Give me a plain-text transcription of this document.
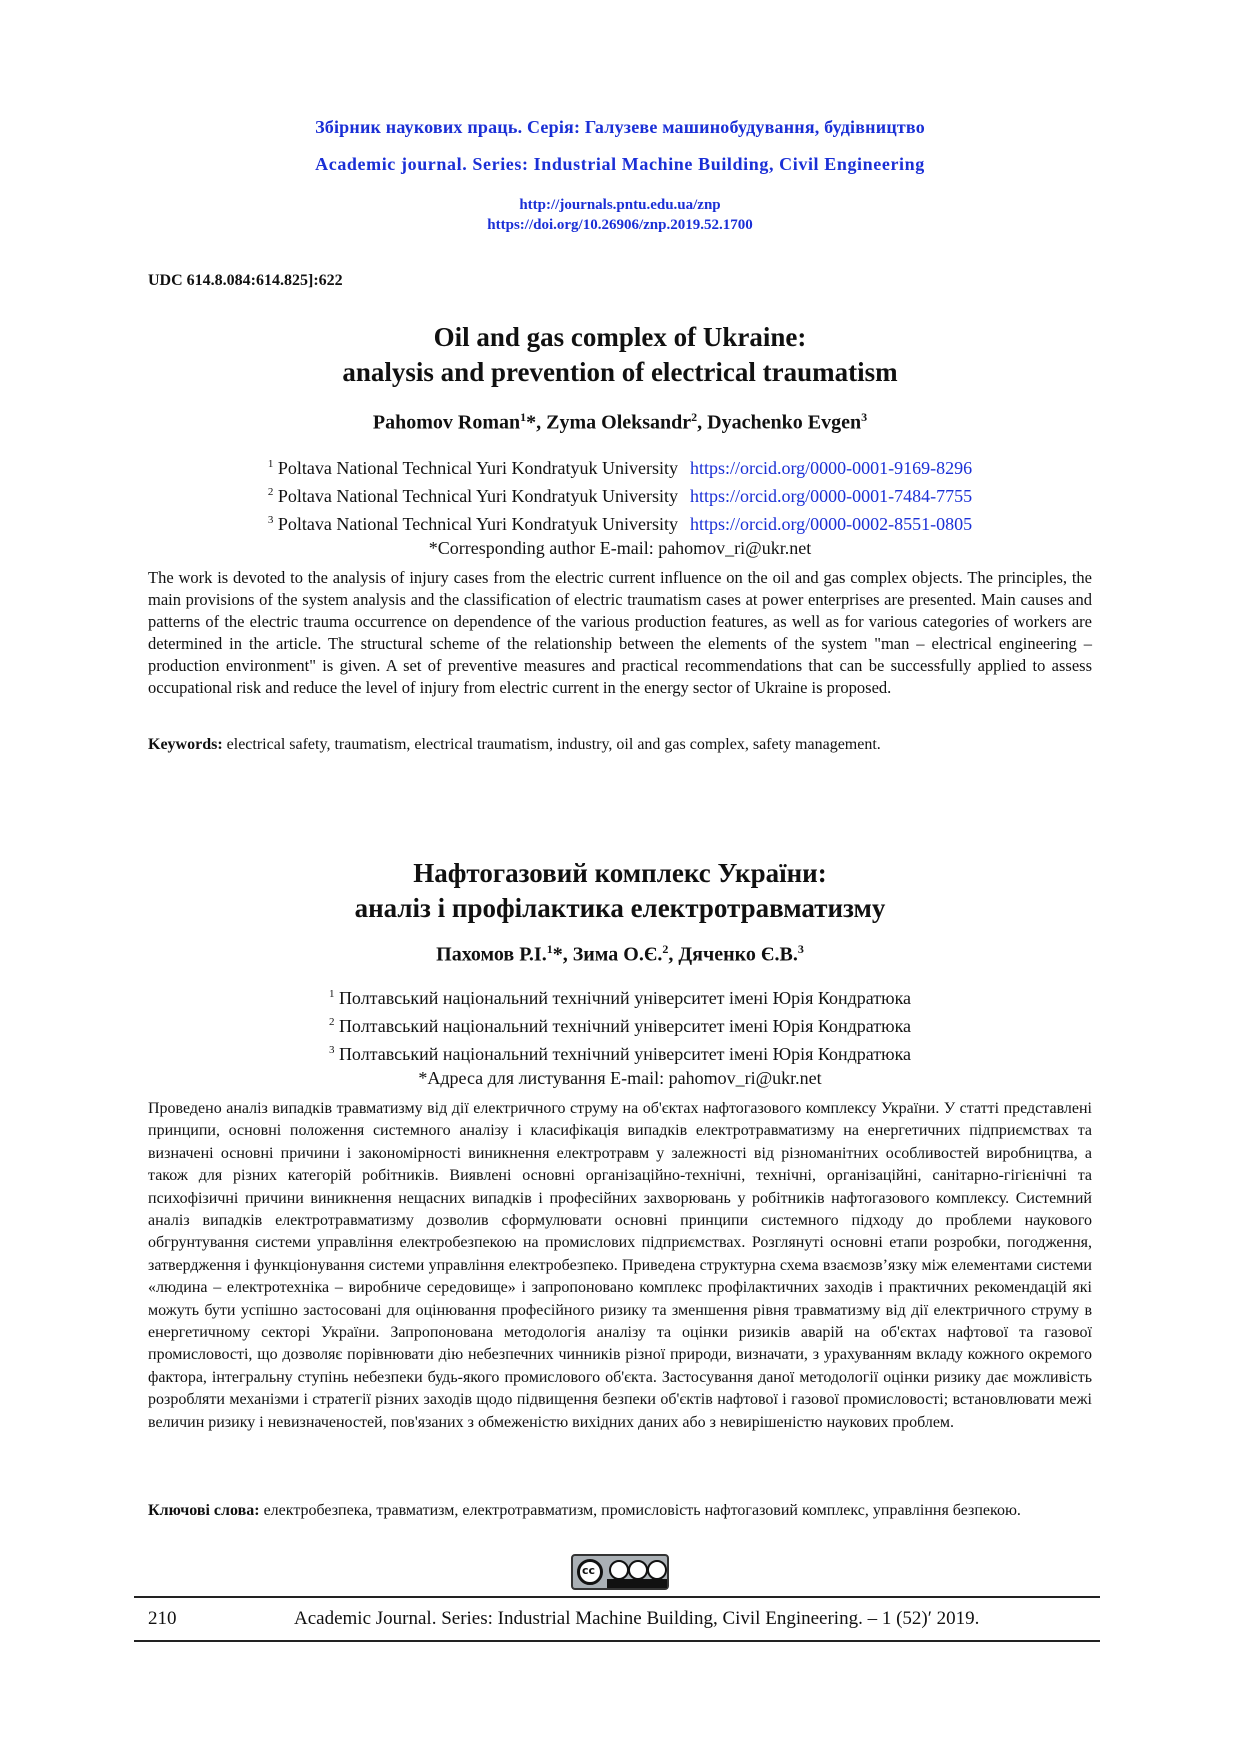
Збірник наукових праць. Серія: Галузеве машинобудування, будівництво
Academic journal. Series: Industrial Machine Building, Civil Engineering
http://journals.pntu.edu.ua/znp
https://doi.org/10.26906/znp.2019.52.1700
UDC 614.8.084:614.825]:622
Oil and gas complex of Ukraine:
analysis and prevention of electrical traumatism
Pahomov Roman$^1$*, Zyma Oleksandr$^2$, Dyachenko Evgen$^3$
$^1$ Poltava National Technical Yuri Kondratyuk University https://orcid.org/0000-0001-9169-8296
$^2$ Poltava National Technical Yuri Kondratyuk University https://orcid.org/0000-0001-7484-7755
$^3$ Poltava National Technical Yuri Kondratyuk University https://orcid.org/0000-0002-8551-0805
*Corresponding author E-mail: pahomov_ri@ukr.net
The work is devoted to the analysis of injury cases from the electric current influence on the oil and gas complex objects. The principles, the main provisions of the system analysis and the classification of electric traumatism cases at power enterprises are presented. Main causes and patterns of the electric trauma occurrence on dependence of the various production features, as well as for various categories of workers are determined in the article. The structural scheme of the relationship between the elements of the system "man – electrical engineering – production environment" is given. A set of preventive measures and practical recommendations that can be successfully applied to assess occupational risk and reduce the level of injury from electric current in the energy sector of Ukraine is proposed.
Keywords: electrical safety, traumatism, electrical traumatism, industry, oil and gas complex, safety management.
Нафтогазовий комплекс України:
аналіз і профілактика електротравматизму
Пахомов Р.І.$^1$*, Зима О.Є.$^2$, Дяченко Є.В.$^3$
$^1$ Полтавський національний технічний університет імені Юрія Кондратюка
$^2$ Полтавський національний технічний університет імені Юрія Кондратюка
$^3$ Полтавський національний технічний університет імені Юрія Кондратюка
*Адреса для листування E-mail: pahomov_ri@ukr.net
Проведено аналіз випадків травматизму від дії електричного струму на об'єктах нафтогазового комплексу України. У статті представлені принципи, основні положення системного аналізу і класифікація випадків електротравматизму на енергетичних підприємствах та визначені основні причини і закономірності виникнення електротравм у залежності від різноманітних особливостей виробництва, а також для різних категорій робітників. Виявлені основні організаційно-технічні, технічні, організаційні, санітарно-гігієнічні та психофізичні причини виникнення нещасних випадків і професійних захворювань у робітників нафтогазового комплексу. Системний аналіз випадків електротравматизму дозволив сформулювати основні принципи системного підходу до проблеми наукового обгрунтування системи управління електробезпекою на промислових підприємствах. Розглянуті основні етапи розробки, погодження, затвердження і функціонування системи управління електробезпеко. Приведена структурна схема взаємозв’язку між елементами системи «людина – електротехніка – виробниче середовище» і запропоновано комплекс профілактичних заходів і практичних рекомендацій які можуть бути успішно застосовані для оцінювання професійного ризику та зменшення рівня травматизму від дії електричного струму в енергетичному секторі України. Запропонована методологія аналізу та оцінки ризиків аварій на об'єктах нафтової та газової промисловості, що дозволяє порівнювати дію небезпечних чинників різної природи, визначати, з урахуванням вкладу кожного окремого фактора, інтегральну ступінь небезпеки будь-якого промислового об'єкта. Застосування даної методології оцінки ризику дає можливість розробляти механізми і стратегії різних заходів щодо підвищення безпеки об'єктів нафтової і газової промисловості; встановлювати межі величин ризику і невизначеностей, пов'язаних з обмеженістю вихідних даних або з невирішеністю наукових проблем.
Ключові слова: електробезпека, травматизм, електротравматизм, промисловість нафтогазовий комплекс, управління безпекою.
cc
210	Academic Journal. Series: Industrial Machine Building, Civil Engineering. – 1 (52)′ 2019.
